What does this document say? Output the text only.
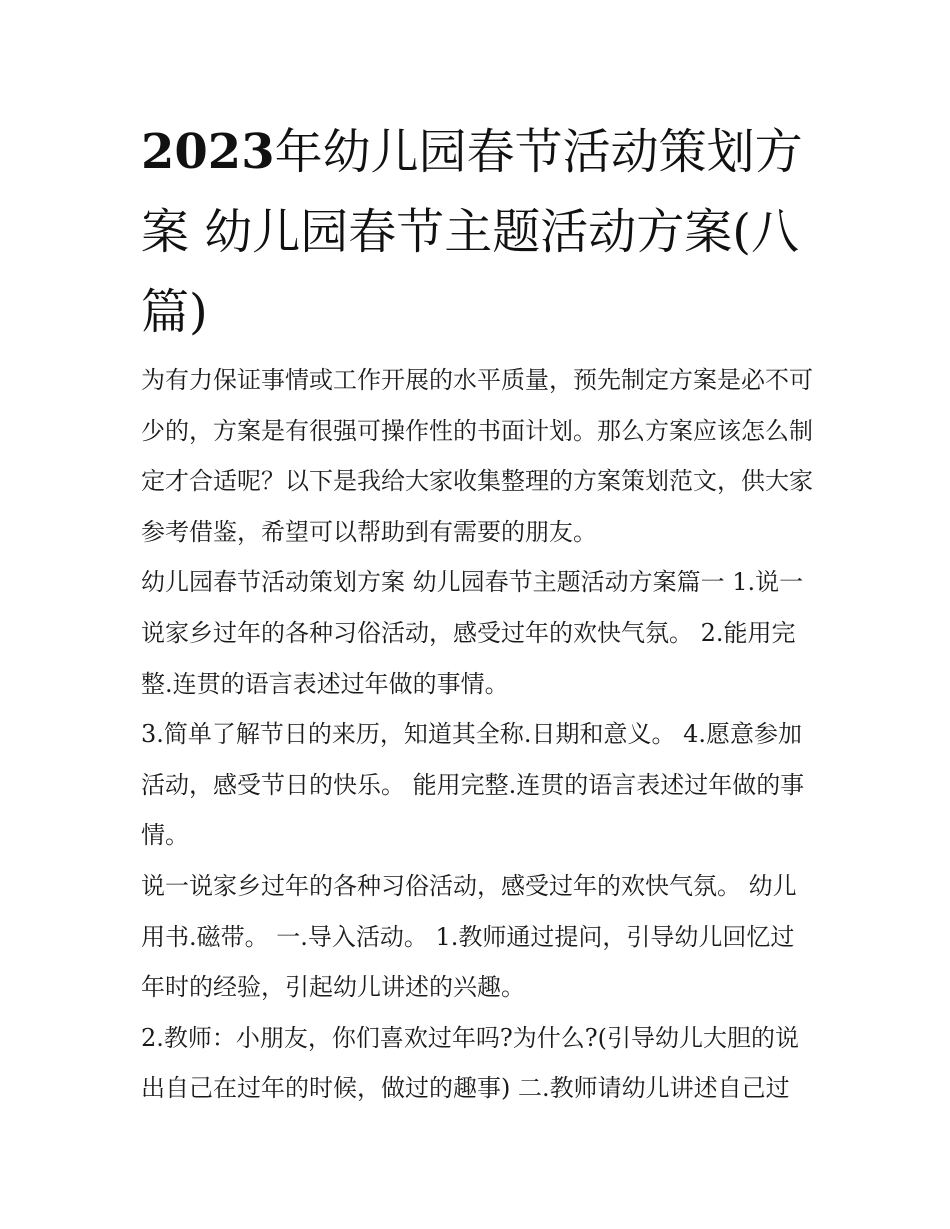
2023年幼儿园春节活动策划方案 幼儿园春节主题活动方案(八篇)

为有力保证事情或工作开展的水平质量，预先制定方案是必不可少的，方案是有很强可操作性的书面计划。那么方案应该怎么制定才合适呢？以下是我给大家收集整理的方案策划范文，供大家参考借鉴，希望可以帮助到有需要的朋友。

幼儿园春节活动策划方案 幼儿园春节主题活动方案篇一 1.说一说家乡过年的各种习俗活动，感受过年的欢快气氛。 2.能用完整.连贯的语言表述过年做的事情。

3.简单了解节日的来历，知道其全称.日期和意义。 4.愿意参加活动，感受节日的快乐。 能用完整.连贯的语言表述过年做的事情。

说一说家乡过年的各种习俗活动，感受过年的欢快气氛。 幼儿用书.磁带。 一.导入活动。 1.教师通过提问，引导幼儿回忆过年时的经验，引起幼儿讲述的兴趣。

2.教师：小朋友，你们喜欢过年吗?为什么?(引导幼儿大胆的说出自己在过年的时候，做过的趣事) 二.教师请幼儿讲述自己过
